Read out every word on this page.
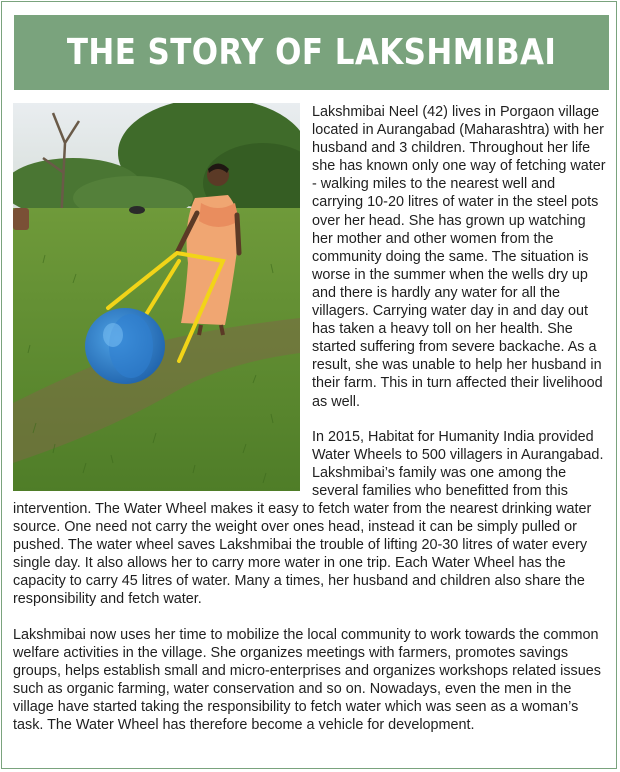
THE STORY OF LAKSHMIBAI

Lakshmibai Neel (42) lives in Porgaon village located in Aurangabad (Maharashtra) with her husband and 3 children. Throughout her life she has known only one way of fetching water - walking miles to the nearest well and carrying 10-20 litres of water in the steel pots over her head. She has grown up watching her mother and other women from the community doing the same. The situation is worse in the summer when the wells dry up and there is hardly any water for all the villagers. Carrying water day in and day out has taken a heavy toll on her health. She started suffering from severe backache. As a result, she was unable to help her husband in their farm. This in turn affected their livelihood as well.

In 2015, Habitat for Humanity India provided Water Wheels to 500 villagers in Aurangabad. Lakshmibai’s family was one among the several families who benefitted from this intervention. The Water Wheel makes it easy to fetch water from the nearest drinking water source. One need not carry the weight over ones head, instead it can be simply pulled or pushed. The water wheel saves Lakshmibai the trouble of lifting 20-30 litres of water every single day. It also allows her to carry more water in one trip. Each Water Wheel has the capacity to carry 45 litres of water. Many a times, her husband and children also share the responsibility and fetch water.

Lakshmibai now uses her time to mobilize the local community to work towards the common welfare activities in the village. She organizes meetings with farmers, promotes savings groups, helps establish small and micro-enterprises and organizes workshops related issues such as organic farming, water conservation and so on. Nowadays, even the men in the village have started taking the responsibility to fetch water which was seen as a woman’s task. The Water Wheel has therefore become a vehicle for development.
